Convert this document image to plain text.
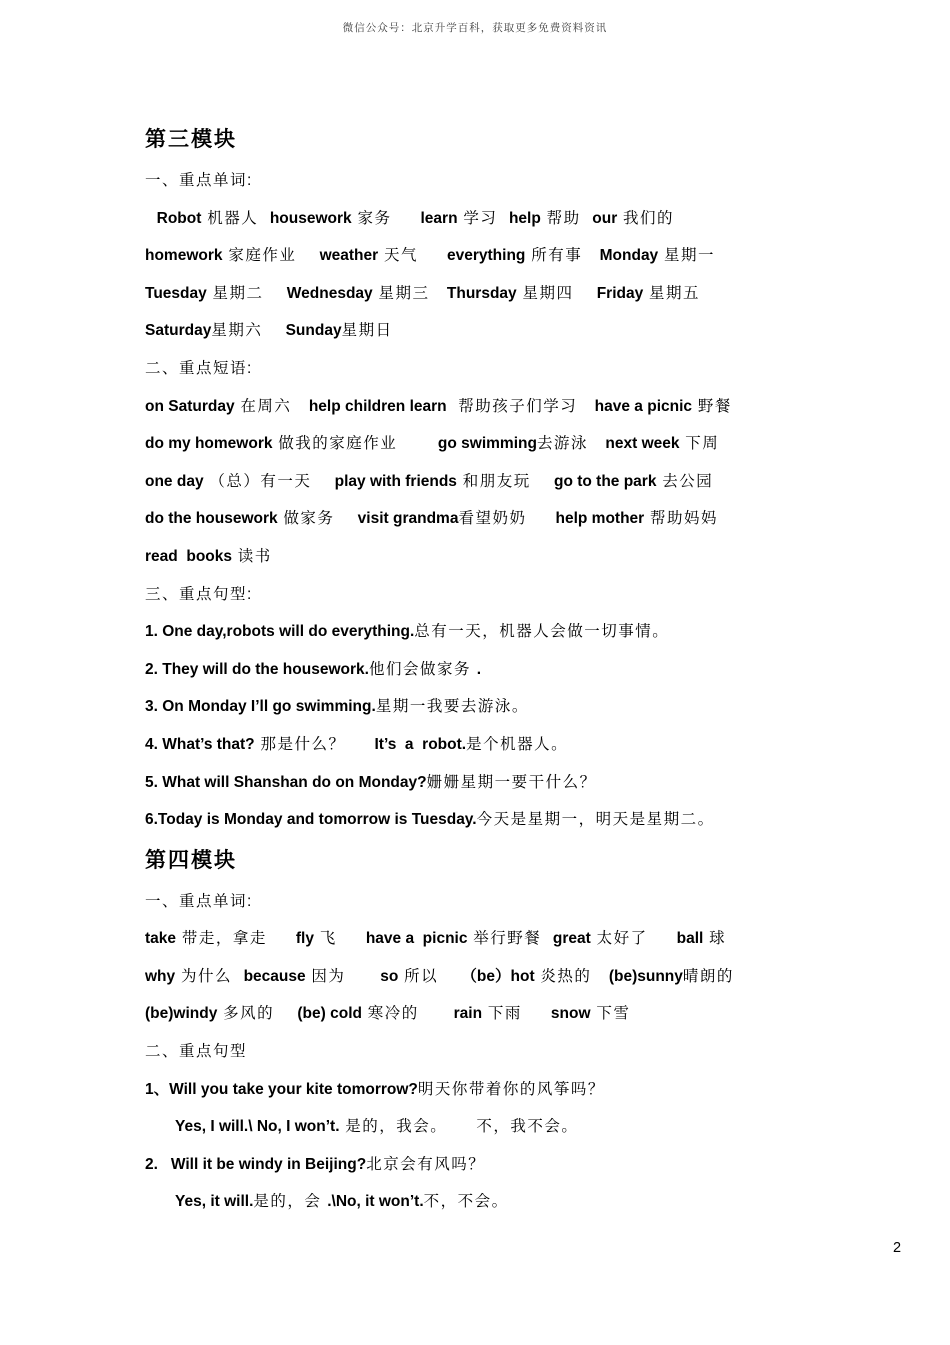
微信公众号：北京升学百科，获取更多免费资料资讯
第三模块
一、重点单词:
Robot 机器人  housework 家务     learn 学习  help 帮助  our 我们的
homework 家庭作业    weather 天气     everything 所有事   Monday 星期一
Tuesday 星期二    Wednesday 星期三   Thursday 星期四    Friday 星期五
Saturday星期六    Sunday星期日
二、重点短语:
on Saturday 在周六   help children learn  帮助孩子们学习   have a picnic 野餐
do my homework 做我的家庭作业       go swimming去游泳   next week 下周
one day （总）有一天    play with friends 和朋友玩    go to the park 去公园
do the housework 做家务    visit grandma看望奶奶     help mother 帮助妈妈
read  books 读书
三、重点句型:
1. One day,robots will do everything.总有一天，机器人会做一切事情。
2. They will do the housework.他们会做家务 .
3. On Monday I’ll go swimming.星期一我要去游泳。
4. What’s that? 那是什么？     It’s  a  robot.是个机器人。
5. What will Shanshan do on Monday?姗姗星期一要干什么？
6.Today is Monday and tomorrow is Tuesday.今天是星期一，明天是星期二。
第四模块
一、重点单词:
take 带走，拿走     fly 飞     have a  picnic 举行野餐  great 太好了     ball 球
why 为什么  because 因为      so 所以    （be）hot 炎热的   (be)sunny晴朗的
(be)windy 多风的    (be) cold 寒冷的      rain 下雨     snow 下雪
二、重点句型
1、Will you take your kite tomorrow?明天你带着你的风筝吗？
Yes, I will.\ No, I won’t. 是的，我会。     不，我不会。
2.   Will it be windy in Beijing?北京会有风吗？
Yes, it will.是的，会 .\No, it won’t.不，不会。
2
